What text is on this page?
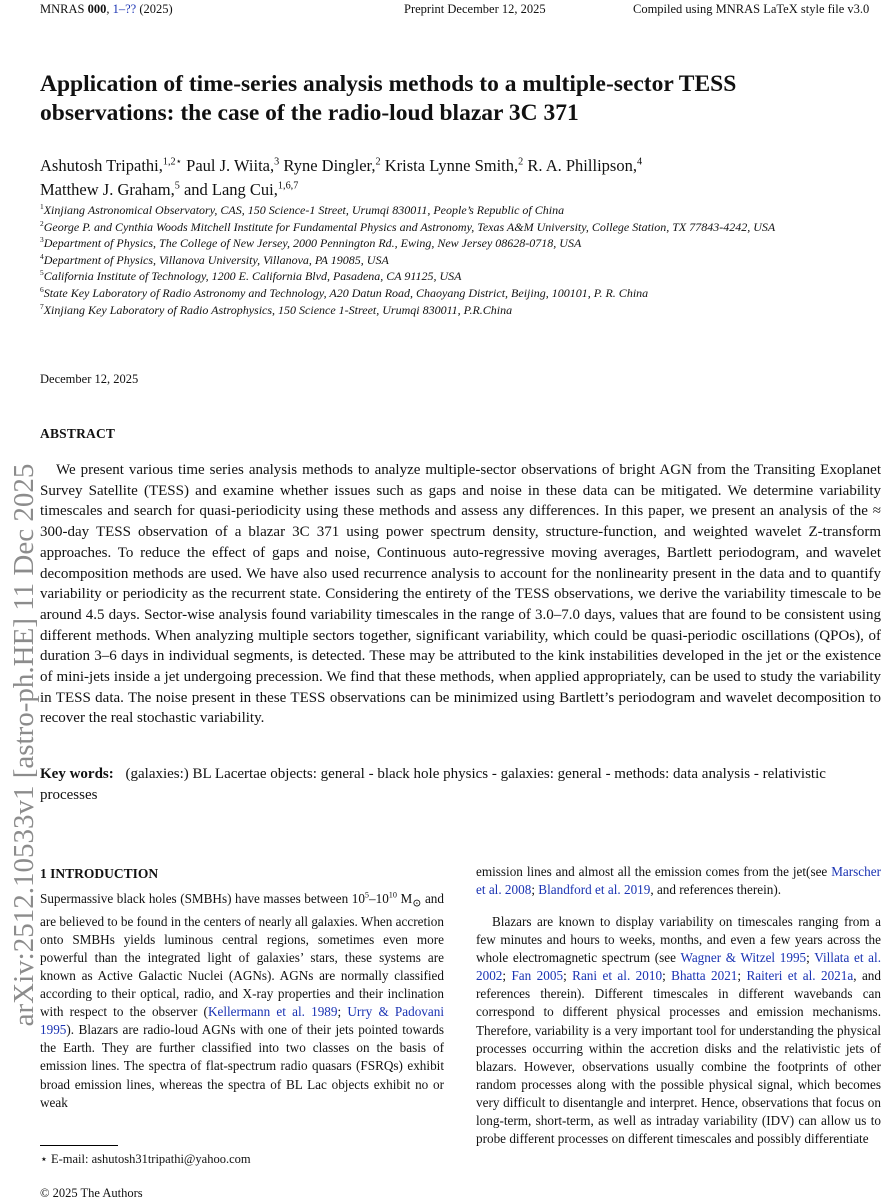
MNRAS 000, 1–?? (2025)	Preprint December 12, 2025	Compiled using MNRAS LaTeX style file v3.0
arXiv:2512.10533v1 [astro-ph.HE] 11 Dec 2025
Application of time-series analysis methods to a multiple-sector TESS observations: the case of the radio-loud blazar 3C 371
Ashutosh Tripathi,$^{1,2⋆}$ Paul J. Wiita,$^3$ Ryne Dingler,$^2$ Krista Lynne Smith,$^2$ R. A. Phillipson,$^4$
Matthew J. Graham,$^5$ and Lang Cui,$^{1,6,7}$
$^1$Xinjiang Astronomical Observatory, CAS, 150 Science-1 Street, Urumqi 830011, People’s Republic of China
$^2$George P. and Cynthia Woods Mitchell Institute for Fundamental Physics and Astronomy, Texas A&M University, College Station, TX 77843-4242, USA
$^3$Department of Physics, The College of New Jersey, 2000 Pennington Rd., Ewing, New Jersey 08628-0718, USA
$^4$Department of Physics, Villanova University, Villanova, PA 19085, USA
$^5$California Institute of Technology, 1200 E. California Blvd, Pasadena, CA 91125, USA
$^6$State Key Laboratory of Radio Astronomy and Technology, A20 Datun Road, Chaoyang District, Beijing, 100101, P. R. China
$^7$Xinjiang Key Laboratory of Radio Astrophysics, 150 Science 1-Street, Urumqi 830011, P.R.China
December 12, 2025
ABSTRACT

We present various time series analysis methods to analyze multiple-sector observations of bright AGN from the Transiting Exoplanet Survey Satellite (TESS) and examine whether issues such as gaps and noise in these data can be mitigated. We determine variability timescales and search for quasi-periodicity using these methods and assess any differences. In this paper, we present an analysis of the ≈ 300-day TESS observation of a blazar 3C 371 using power spectrum density, structure-function, and weighted wavelet Z-transform approaches. To reduce the effect of gaps and noise, Continuous auto-regressive moving averages, Bartlett periodogram, and wavelet decomposition methods are used. We have also used recurrence analysis to account for the nonlinearity present in the data and to quantify variability or periodicity as the recurrent state. Considering the entirety of the TESS observations, we derive the variability timescale to be around 4.5 days. Sector-wise analysis found variability timescales in the range of 3.0–7.0 days, values that are found to be consistent using different methods. When analyzing multiple sectors together, significant variability, which could be quasi-periodic oscillations (QPOs), of duration 3–6 days in individual segments, is detected. These may be attributed to the kink instabilities developed in the jet or the existence of mini-jets inside a jet undergoing precession. We find that these methods, when applied appropriately, can be used to study the variability in TESS data. The noise present in these TESS observations can be minimized using Bartlett’s periodogram and wavelet decomposition to recover the real stochastic variability.

Key words: (galaxies:) BL Lacertae objects: general - black hole physics - galaxies: general - methods: data analysis - relativistic processes
1 INTRODUCTION

Supermassive black holes (SMBHs) have masses between $10^5-10^{10}$ $M_⊙$ and are believed to be found in the centers of nearly all galaxies. When accretion onto SMBHs yields luminous central regions, sometimes even more powerful than the integrated light of galaxies’ stars, these systems are known as Active Galactic Nuclei (AGNs). AGNs are normally classified according to their optical, radio, and X-ray properties and their inclination with respect to the observer (Kellermann et al. 1989; Urry & Padovani 1995). Blazars are radio-loud AGNs with one of their jets pointed towards the Earth. They are further classified into two classes on the basis of emission lines. The spectra of flat-spectrum radio quasars (FSRQs) exhibit broad emission lines, whereas the spectra of BL Lac objects exhibit no or weak

emission lines and almost all the emission comes from the jet(see Marscher et al. 2008; Blandford et al. 2019, and references therein).

Blazars are known to display variability on timescales ranging from a few minutes and hours to weeks, months, and even a few years across the whole electromagnetic spectrum (see Wagner & Witzel 1995; Villata et al. 2002; Fan 2005; Rani et al. 2010; Bhatta 2021; Raiteri et al. 2021a, and references therein). Different timescales in different wavebands can correspond to different physical processes and emission mechanisms. Therefore, variability is a very important tool for understanding the physical processes occurring within the accretion disks and the relativistic jets of blazars. However, observations usually combine the footprints of other random processes along with the possible physical signal, which becomes very difficult to disentangle and interpret. Hence, observations that focus on long-term, short-term, as well as intraday variability (IDV) can allow us to probe different processes on different timescales and possibly differentiate

⋆ E-mail: ashutosh31tripathi@yahoo.com
© 2025 The Authors
